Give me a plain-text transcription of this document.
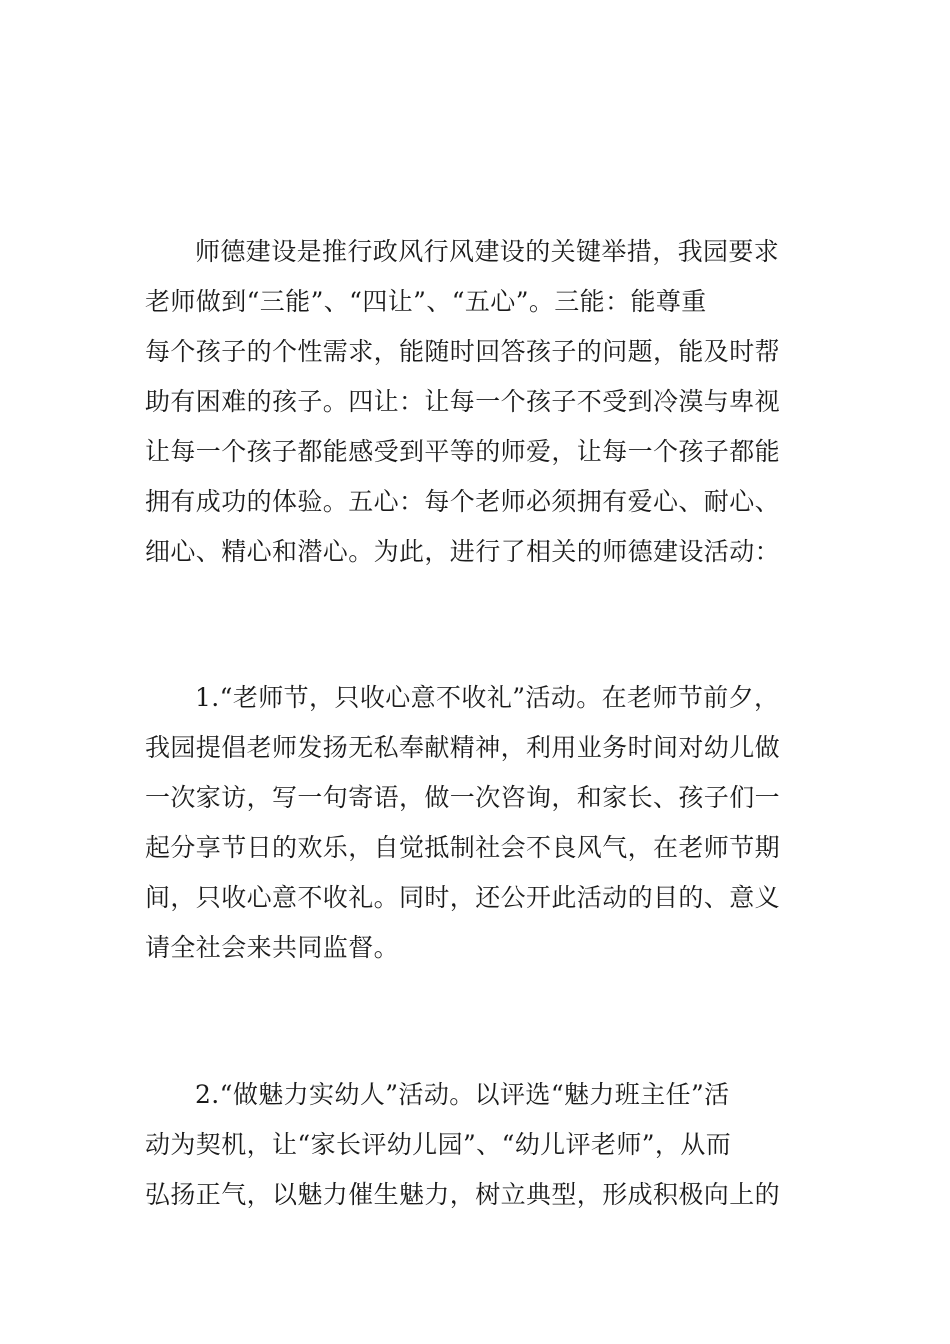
师德建设是推行政风行风建设的关键举措，我园要求
老师做到“三能”、“四让”、“五心”。三能：能尊重
每个孩子的个性需求，能随时回答孩子的问题，能及时帮
助有困难的孩子。四让：让每一个孩子不受到冷漠与卑视
让每一个孩子都能感受到平等的师爱，让每一个孩子都能
拥有成功的体验。五心：每个老师必须拥有爱心、耐心、
细心、精心和潜心。为此，进行了相关的师德建设活动：
1.“老师节，只收心意不收礼”活动。在老师节前夕，
我园提倡老师发扬无私奉献精神，利用业务时间对幼儿做
一次家访，写一句寄语，做一次咨询，和家长、孩子们一
起分享节日的欢乐，自觉抵制社会不良风气，在老师节期
间，只收心意不收礼。同时，还公开此活动的目的、意义
请全社会来共同监督。
2.“做魅力实幼人”活动。以评选“魅力班主任”活
动为契机，让“家长评幼儿园”、“幼儿评老师”，从而
弘扬正气，以魅力催生魅力，树立典型，形成积极向上的
